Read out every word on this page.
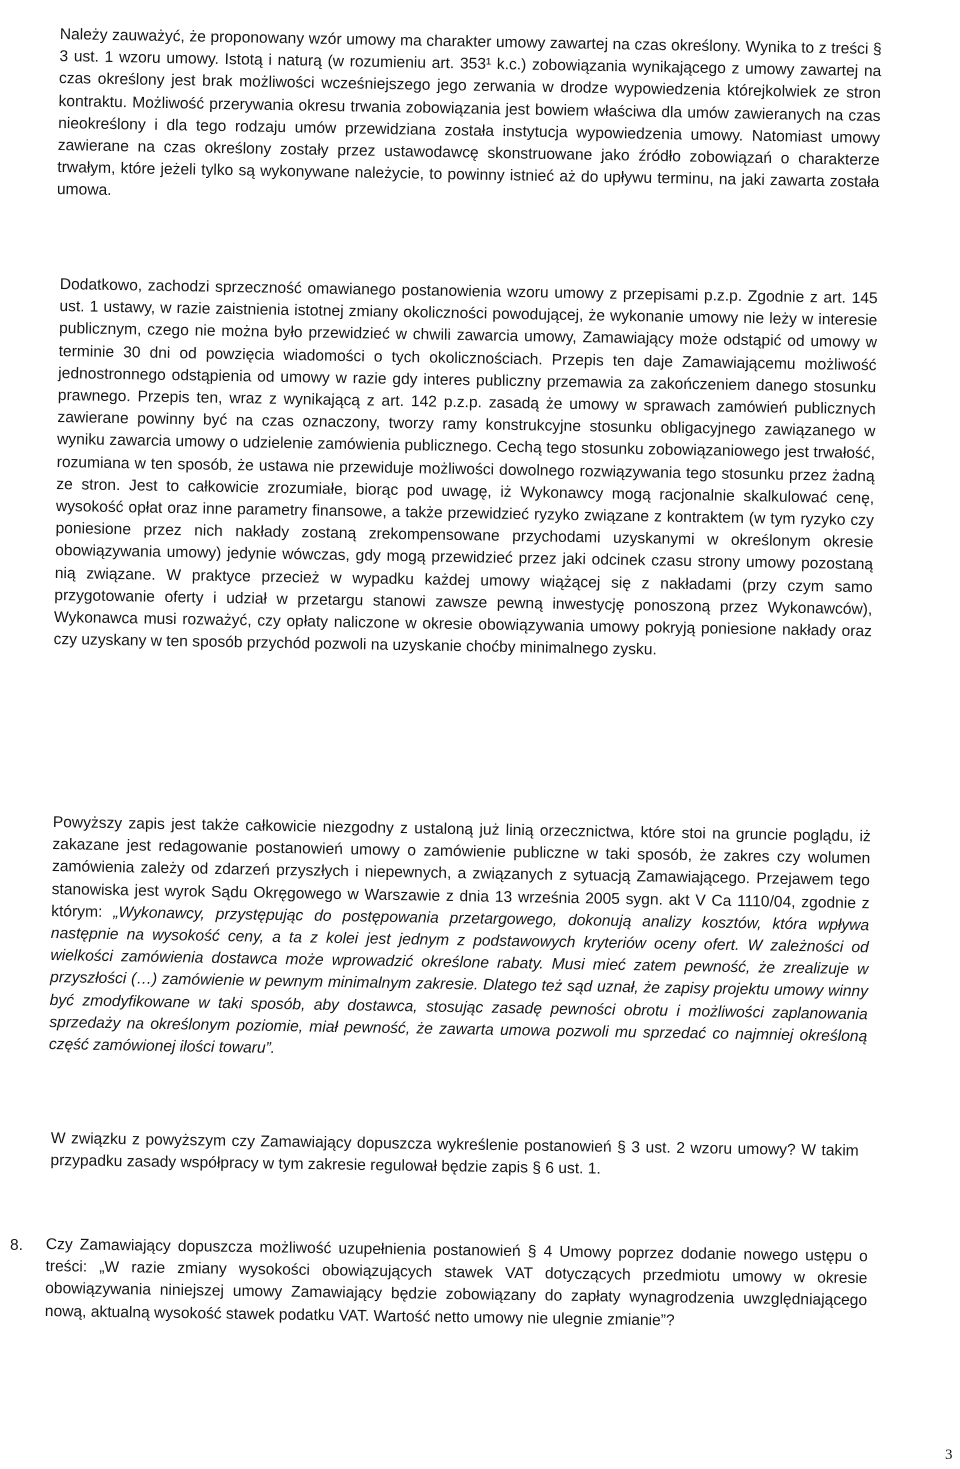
Należy zauważyć, że proponowany wzór umowy ma charakter umowy zawartej na czas określony. Wynika to z treści § 3 ust. 1 wzoru umowy. Istotą i naturą (w rozumieniu art. 353¹ k.c.) zobowiązania wynikającego z umowy zawartej na czas określony jest brak możliwości wcześniejszego jego zerwania w drodze wypowiedzenia którejkolwiek ze stron kontraktu. Możliwość przerywania okresu trwania zobowiązania jest bowiem właściwa dla umów zawieranych na czas nieokreślony i dla tego rodzaju umów przewidziana została instytucja wypowiedzenia umowy. Natomiast umowy zawierane na czas określony zostały przez ustawodawcę skonstruowane jako źródło zobowiązań o charakterze trwałym, które jeżeli tylko są wykonywane należycie, to powinny istnieć aż do upływu terminu, na jaki zawarta została umowa.
Dodatkowo, zachodzi sprzeczność omawianego postanowienia wzoru umowy z przepisami p.z.p. Zgodnie z art. 145 ust. 1 ustawy, w razie zaistnienia istotnej zmiany okoliczności powodującej, że wykonanie umowy nie leży w interesie publicznym, czego nie można było przewidzieć w chwili zawarcia umowy, Zamawiający może odstąpić od umowy w terminie 30 dni od powzięcia wiadomości o tych okolicznościach. Przepis ten daje Zamawiającemu możliwość jednostronnego odstąpienia od umowy w razie gdy interes publiczny przemawia za zakończeniem danego stosunku prawnego. Przepis ten, wraz z wynikającą z art. 142 p.z.p. zasadą że umowy w sprawach zamówień publicznych zawierane powinny być na czas oznaczony, tworzy ramy konstrukcyjne stosunku obligacyjnego zawiązanego w wyniku zawarcia umowy o udzielenie zamówienia publicznego. Cechą tego stosunku zobowiązaniowego jest trwałość, rozumiana w ten sposób, że ustawa nie przewiduje możliwości dowolnego rozwiązywania tego stosunku przez żadną ze stron. Jest to całkowicie zrozumiałe, biorąc pod uwagę, iż Wykonawcy mogą racjonalnie skalkulować cenę, wysokość opłat oraz inne parametry finansowe, a także przewidzieć ryzyko związane z kontraktem (w tym ryzyko czy poniesione przez nich nakłady zostaną zrekompensowane przychodami uzyskanymi w określonym okresie obowiązywania umowy) jedynie wówczas, gdy mogą przewidzieć przez jaki odcinek czasu strony umowy pozostaną nią związane. W praktyce przecież w wypadku każdej umowy wiążącej się z nakładami (przy czym samo przygotowanie oferty i udział w przetargu stanowi zawsze pewną inwestycję ponoszoną przez Wykonawców), Wykonawca musi rozważyć, czy opłaty naliczone w okresie obowiązywania umowy pokryją poniesione nakłady oraz czy uzyskany w ten sposób przychód pozwoli na uzyskanie choćby minimalnego zysku.
Powyższy zapis jest także całkowicie niezgodny z ustaloną już linią orzecznictwa, które stoi na gruncie poglądu, iż zakazane jest redagowanie postanowień umowy o zamówienie publiczne w taki sposób, że zakres czy wolumen zamówienia zależy od zdarzeń przyszłych i niepewnych, a związanych z sytuacją Zamawiającego. Przejawem tego stanowiska jest wyrok Sądu Okręgowego w Warszawie z dnia 13 września 2005 sygn. akt V Ca 1110/04, zgodnie z którym: „Wykonawcy, przystępując do postępowania przetargowego, dokonują analizy kosztów, która wpływa następnie na wysokość ceny, a ta z kolei jest jednym z podstawowych kryteriów oceny ofert. W zależności od wielkości zamówienia dostawca może wprowadzić określone rabaty. Musi mieć zatem pewność, że zrealizuje w przyszłości (…) zamówienie w pewnym minimalnym zakresie. Dlatego też sąd uznał, że zapisy projektu umowy winny być zmodyfikowane w taki sposób, aby dostawca, stosując zasadę pewności obrotu i możliwości zaplanowania sprzedaży na określonym poziomie, miał pewność, że zawarta umowa pozwoli mu sprzedać co najmniej określoną część zamówionej ilości towaru”.
W związku z powyższym czy Zamawiający dopuszcza wykreślenie postanowień § 3 ust. 2 wzoru umowy? W takim przypadku zasady współpracy w tym zakresie regulował będzie zapis § 6 ust. 1.
8. Czy Zamawiający dopuszcza możliwość uzupełnienia postanowień § 4 Umowy poprzez dodanie nowego ustępu o treści: „W razie zmiany wysokości obowiązujących stawek VAT dotyczących przedmiotu umowy w okresie obowiązywania niniejszej umowy Zamawiający będzie zobowiązany do zapłaty wynagrodzenia uwzględniającego nową, aktualną wysokość stawek podatku VAT. Wartość netto umowy nie ulegnie zmianie”?
3
